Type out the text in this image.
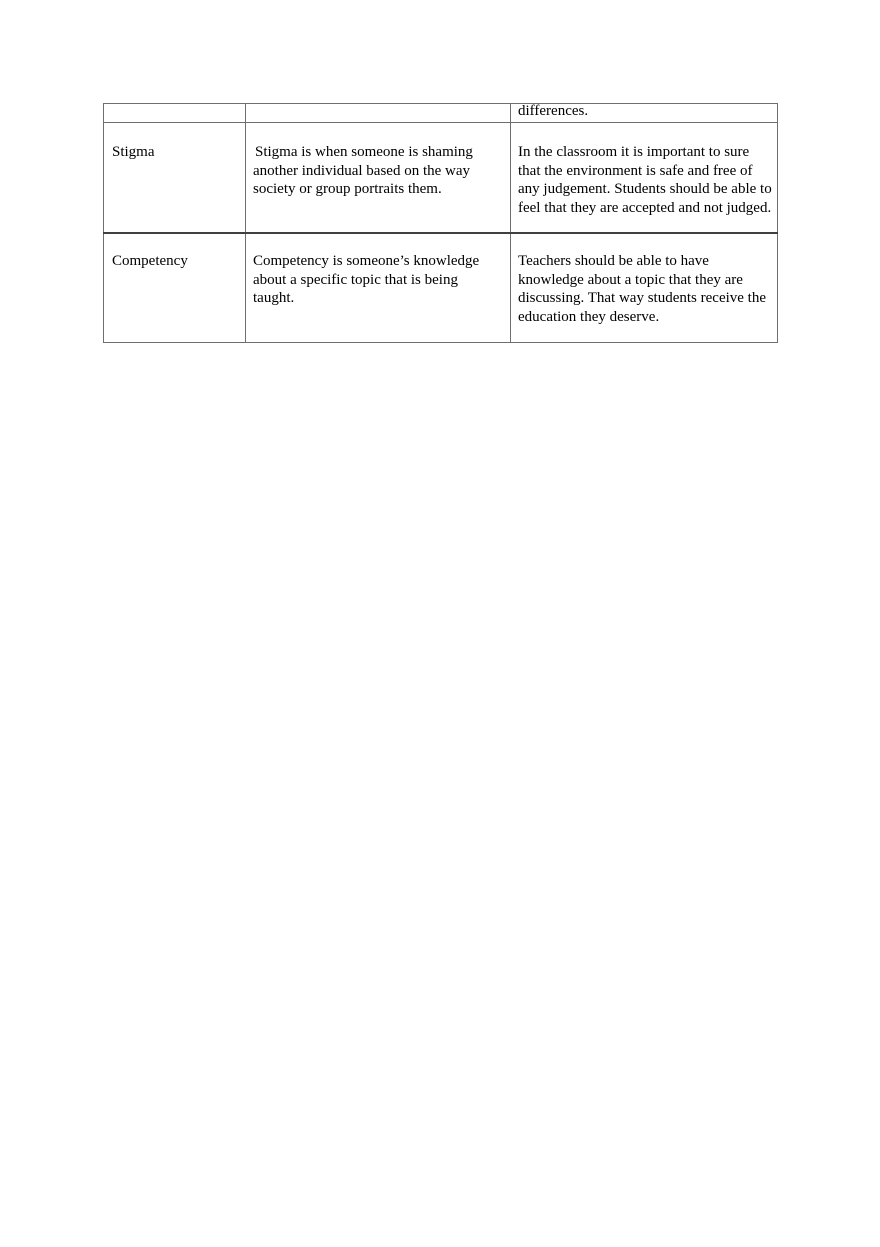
		differences.

Stigma	Stigma is when someone is shaming another individual based on the way society or group portraits them.	In the classroom it is important to sure that the environment is safe and free of any judgement. Students should be able to feel that they are accepted and not judged.

Competency	Competency is someone’s knowledge about a specific topic that is being taught.	Teachers should be able to have knowledge about a topic that they are discussing. That way students receive the education they deserve.
